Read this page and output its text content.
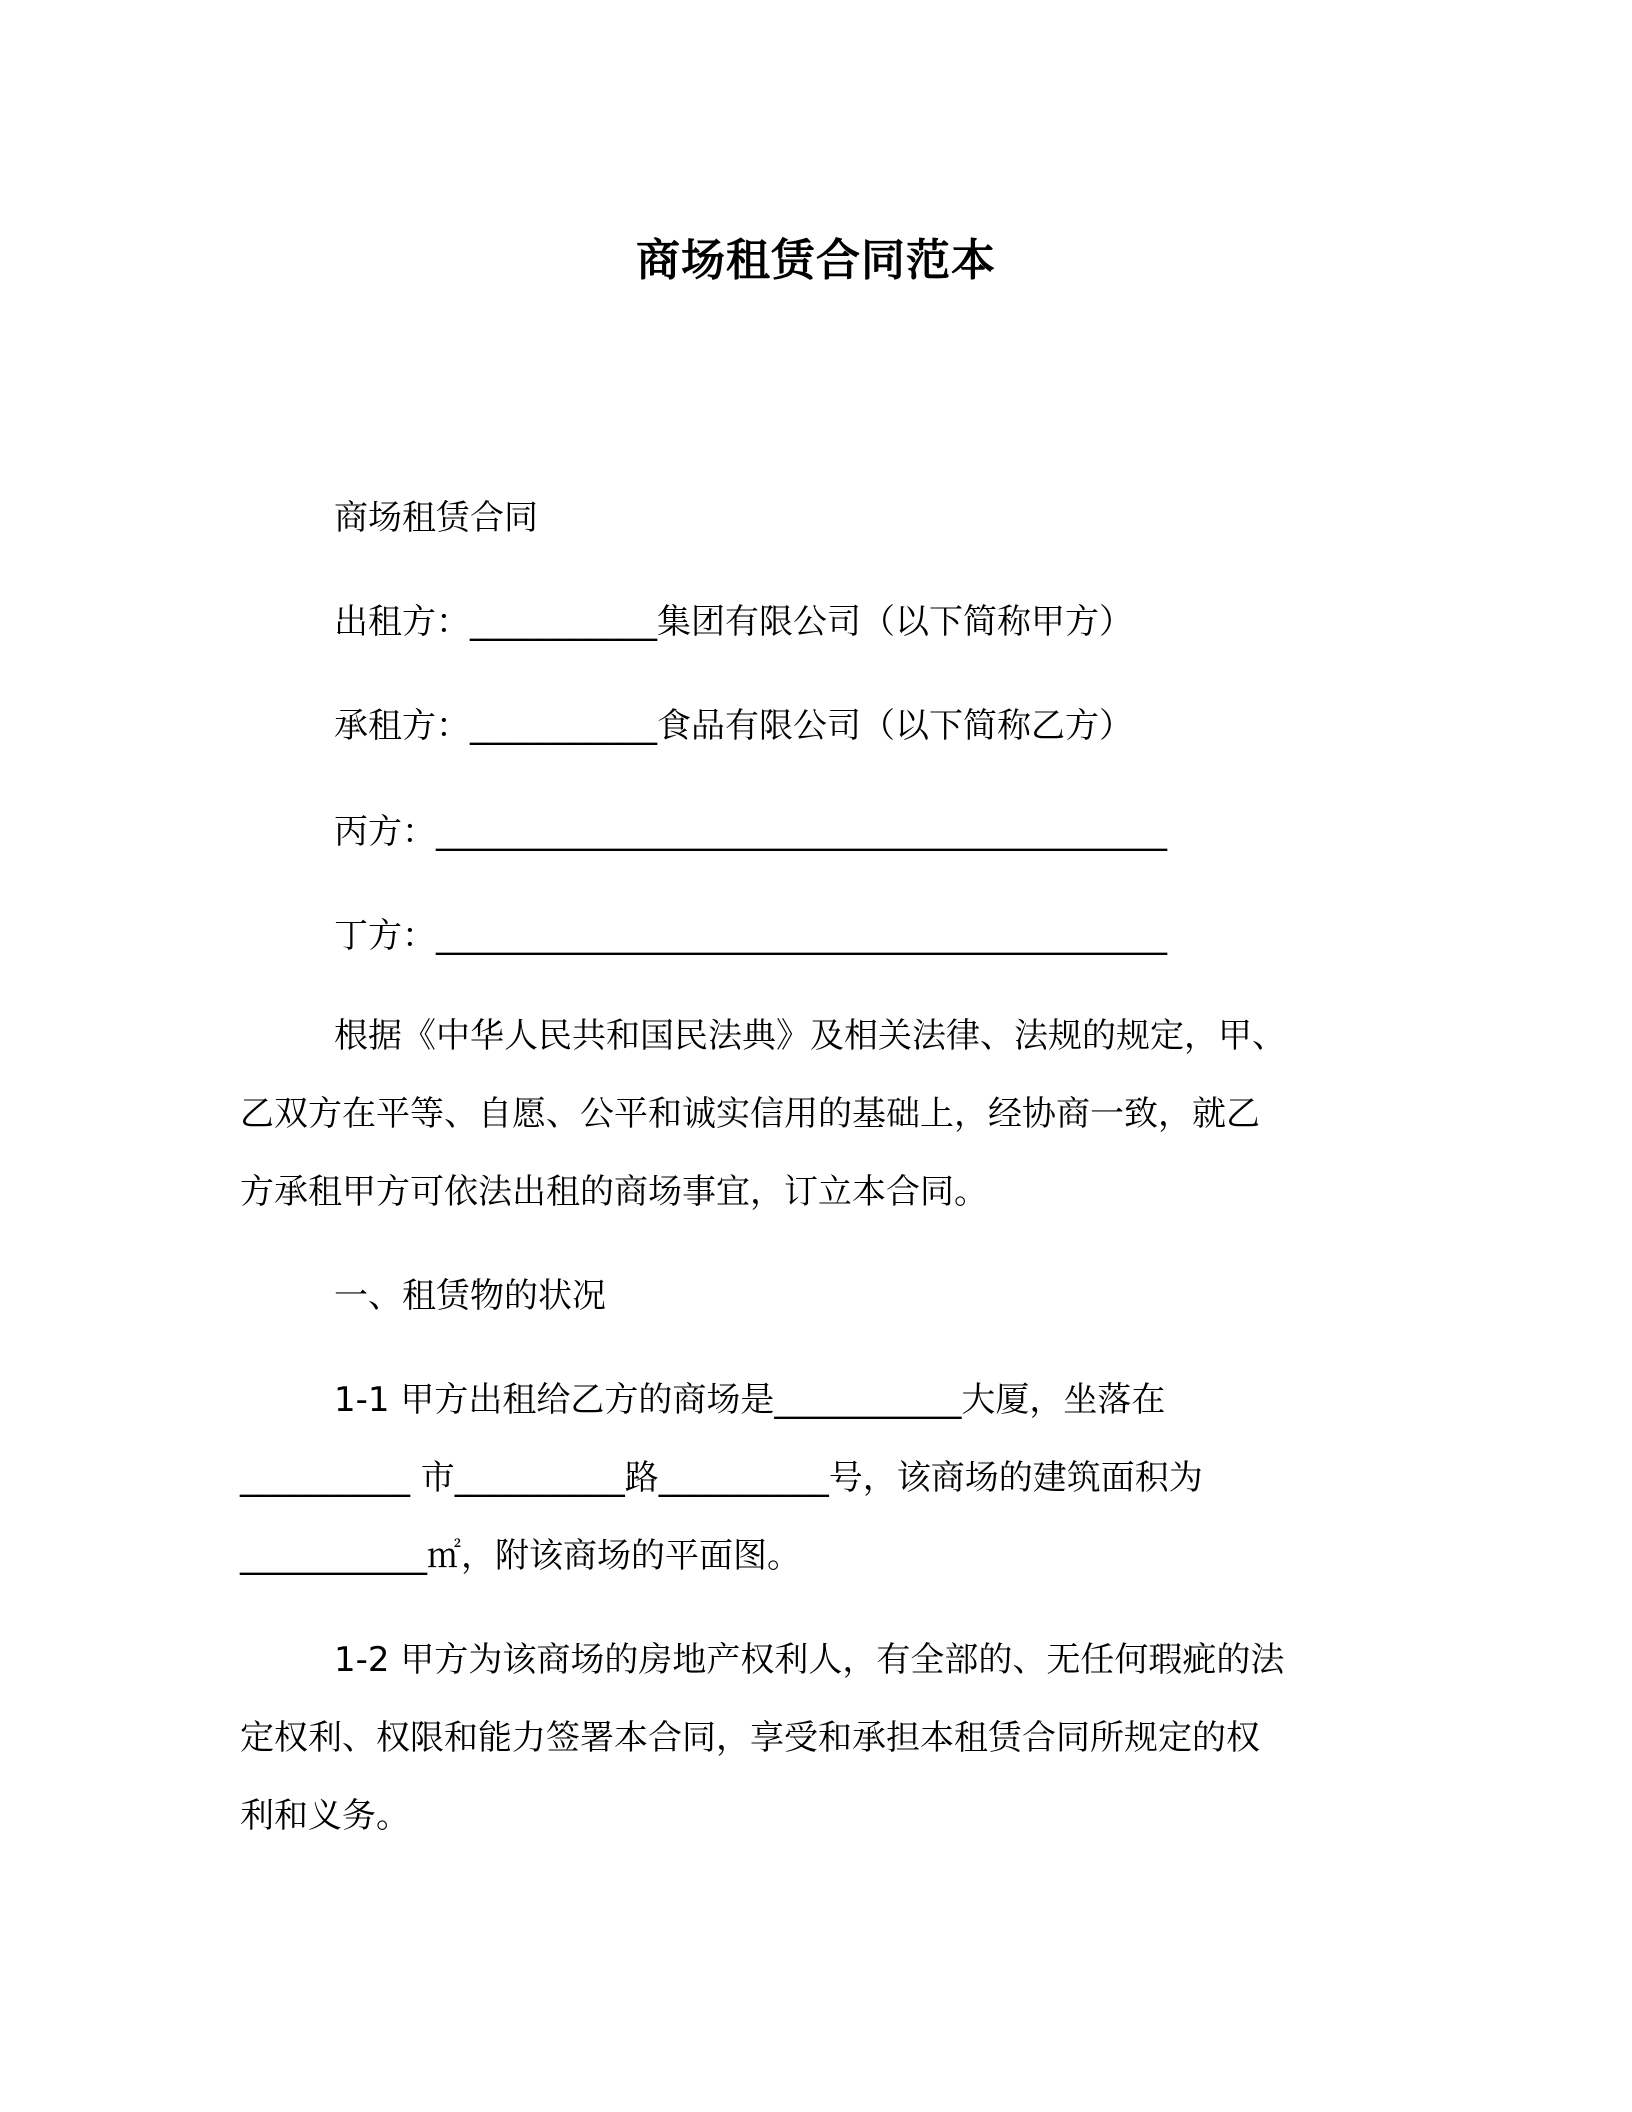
商场租赁合同范本
商场租赁合同
出租方：___________集团有限公司（以下简称甲方）
承租方：___________食品有限公司（以下简称乙方）
丙方：___________________________________________
丁方：___________________________________________
根据《中华人民共和国民法典》及相关法律、法规的规定，甲、
乙双方在平等、自愿、公平和诚实信用的基础上，经协商一致，就乙
方承租甲方可依法出租的商场事宜，订立本合同。
一、租赁物的状况
1-1 甲方出租给乙方的商场是___________大厦，坐落在
__________ 市__________路__________号，该商场的建筑面积为
___________㎡，附该商场的平面图。
1-2 甲方为该商场的房地产权利人，有全部的、无任何瑕疵的法
定权利、权限和能力签署本合同，享受和承担本租赁合同所规定的权
利和义务。
